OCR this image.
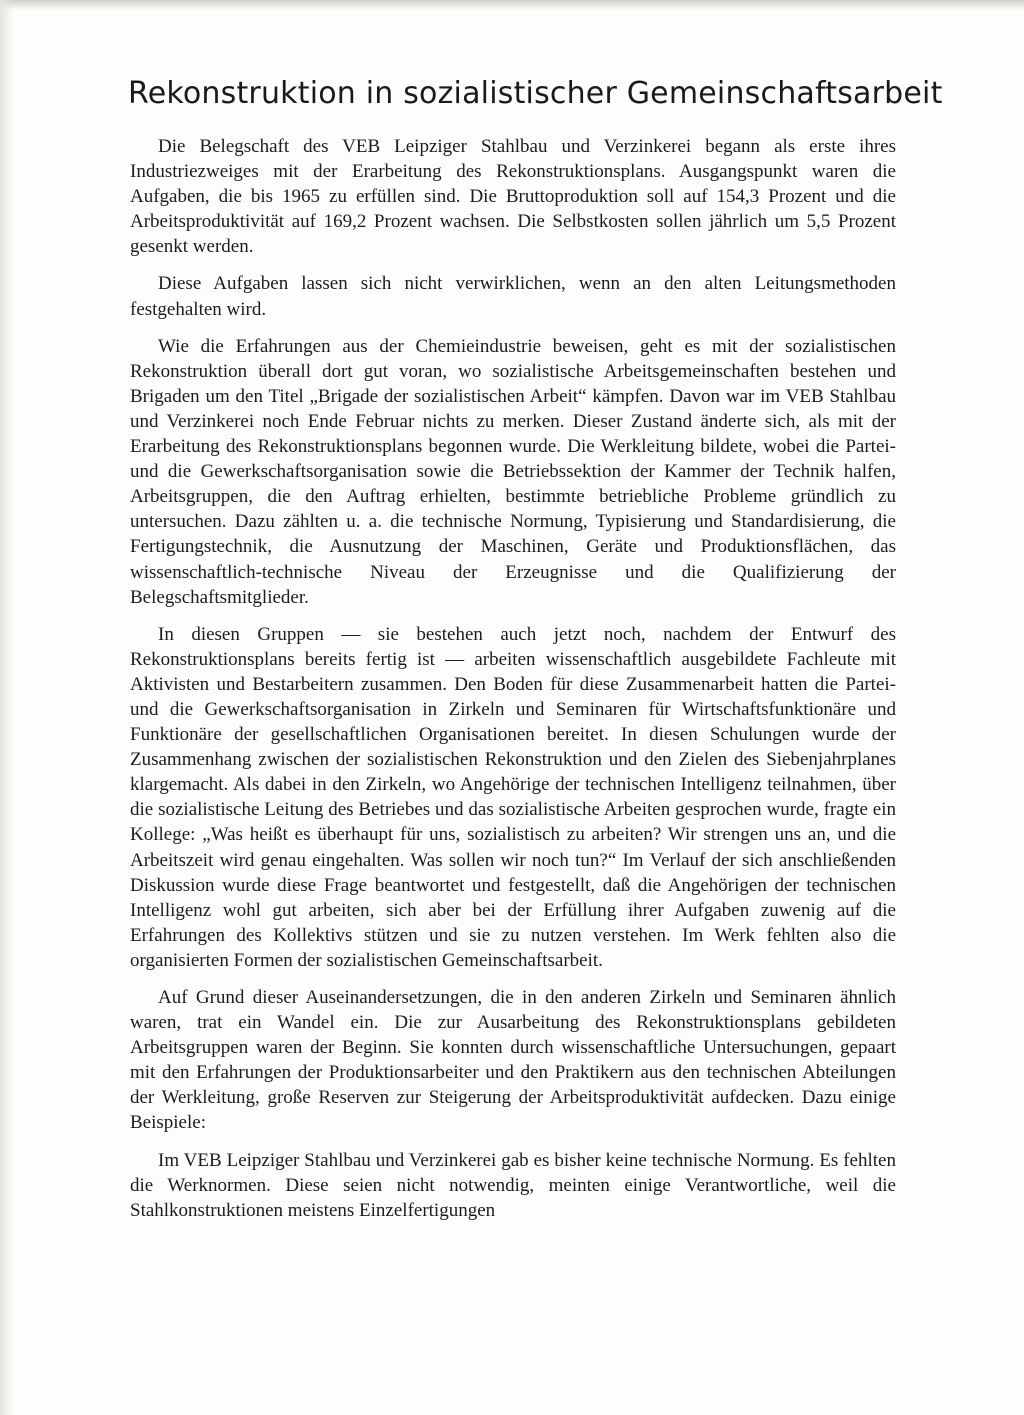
Rekonstruktion in sozialistischer Gemeinschaftsarbeit

Die Belegschaft des VEB Leipziger Stahlbau und Verzinkerei begann als erste ihres Industriezweiges mit der Erarbeitung des Rekonstruktionsplans. Ausgangspunkt waren die Aufgaben, die bis 1965 zu erfüllen sind. Die Bruttoproduktion soll auf 154,3 Prozent und die Arbeitsproduktivität auf 169,2 Prozent wachsen. Die Selbstkosten sollen jährlich um 5,5 Prozent gesenkt werden.

Diese Aufgaben lassen sich nicht verwirklichen, wenn an den alten Leitungsmethoden festgehalten wird.

Wie die Erfahrungen aus der Chemieindustrie beweisen, geht es mit der sozialistischen Rekonstruktion überall dort gut voran, wo sozialistische Arbeitsgemeinschaften bestehen und Brigaden um den Titel „Brigade der sozialistischen Arbeit“ kämpfen. Davon war im VEB Stahlbau und Verzinkerei noch Ende Februar nichts zu merken. Dieser Zustand änderte sich, als mit der Erarbeitung des Rekonstruktionsplans begonnen wurde. Die Werkleitung bildete, wobei die Partei- und die Gewerkschaftsorganisation sowie die Betriebssektion der Kammer der Technik halfen, Arbeitsgruppen, die den Auftrag erhielten, bestimmte betriebliche Probleme gründlich zu untersuchen. Dazu zählten u. a. die technische Normung, Typisierung und Standardisierung, die Fertigungstechnik, die Ausnutzung der Maschinen, Geräte und Produktionsflächen, das wissenschaftlich-technische Niveau der Erzeugnisse und die Qualifizierung der Belegschaftsmitglieder.

In diesen Gruppen — sie bestehen auch jetzt noch, nachdem der Entwurf des Rekonstruktionsplans bereits fertig ist — arbeiten wissenschaftlich ausgebildete Fachleute mit Aktivisten und Bestarbeitern zusammen. Den Boden für diese Zusammenarbeit hatten die Partei- und die Gewerkschaftsorganisation in Zirkeln und Seminaren für Wirtschaftsfunktionäre und Funktionäre der gesellschaftlichen Organisationen bereitet. In diesen Schulungen wurde der Zusammenhang zwischen der sozialistischen Rekonstruktion und den Zielen des Siebenjahrplanes klargemacht. Als dabei in den Zirkeln, wo Angehörige der technischen Intelligenz teilnahmen, über die sozialistische Leitung des Betriebes und das sozialistische Arbeiten gesprochen wurde, fragte ein Kollege: „Was heißt es überhaupt für uns, sozialistisch zu arbeiten? Wir strengen uns an, und die Arbeitszeit wird genau eingehalten. Was sollen wir noch tun?“ Im Verlauf der sich anschließenden Diskussion wurde diese Frage beantwortet und festgestellt, daß die Angehörigen der technischen Intelligenz wohl gut arbeiten, sich aber bei der Erfüllung ihrer Aufgaben zuwenig auf die Erfahrungen des Kollektivs stützen und sie zu nutzen verstehen. Im Werk fehlten also die organisierten Formen der sozialistischen Gemeinschaftsarbeit.

Auf Grund dieser Auseinandersetzungen, die in den anderen Zirkeln und Seminaren ähnlich waren, trat ein Wandel ein. Die zur Ausarbeitung des Rekonstruktionsplans gebildeten Arbeitsgruppen waren der Beginn. Sie konnten durch wissenschaftliche Untersuchungen, gepaart mit den Erfahrungen der Produktionsarbeiter und den Praktikern aus den technischen Abteilungen der Werkleitung, große Reserven zur Steigerung der Arbeitsproduktivität aufdecken. Dazu einige Beispiele:

Im VEB Leipziger Stahlbau und Verzinkerei gab es bisher keine technische Normung. Es fehlten die Werknormen. Diese seien nicht notwendig, meinten einige Verantwortliche, weil die Stahlkonstruktionen meistens Einzelfertigungen
